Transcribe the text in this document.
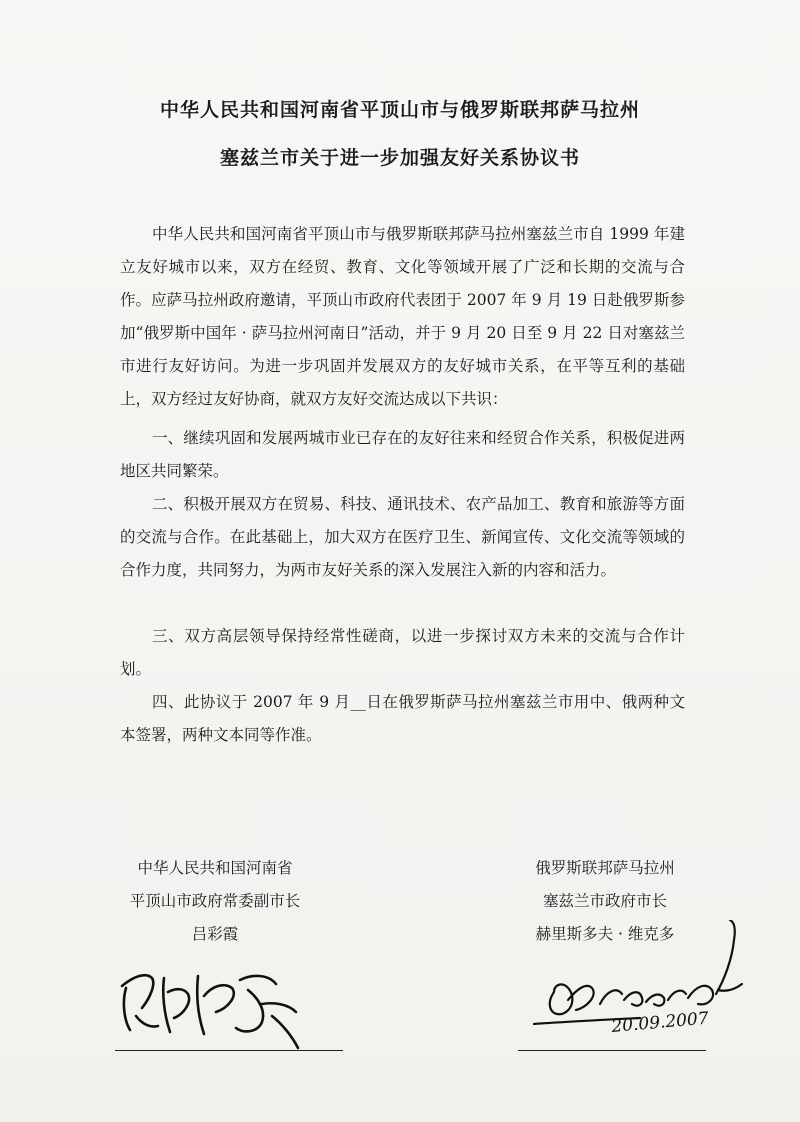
中华人民共和国河南省平顶山市与俄罗斯联邦萨马拉州
塞兹兰市关于进一步加强友好关系协议书

中华人民共和国河南省平顶山市与俄罗斯联邦萨马拉州塞兹兰市自 1999 年建立友好城市以来，双方在经贸、教育、文化等领域开展了广泛和长期的交流与合作。应萨马拉州政府邀请，平顶山市政府代表团于 2007 年 9 月 19 日赴俄罗斯参加“俄罗斯中国年 · 萨马拉州河南日”活动，并于 9 月 20 日至 9 月 22 日对塞兹兰市进行友好访问。为进一步巩固并发展双方的友好城市关系，在平等互利的基础上，双方经过友好协商，就双方友好交流达成以下共识：

一、继续巩固和发展两城市业已存在的友好往来和经贸合作关系，积极促进两地区共同繁荣。

二、积极开展双方在贸易、科技、通讯技术、农产品加工、教育和旅游等方面的交流与合作。在此基础上，加大双方在医疗卫生、新闻宣传、文化交流等领域的合作力度，共同努力，为两市友好关系的深入发展注入新的内容和活力。

三、双方高层领导保持经常性磋商，以进一步探讨双方未来的交流与合作计划。

四、此协议于 2007 年 9 月__日在俄罗斯萨马拉州塞兹兰市用中、俄两种文本签署，两种文本同等作准。

中华人民共和国河南省
平顶山市政府常委副市长
吕彩霞
俄罗斯联邦萨马拉州
塞兹兰市政府市长
赫里斯多夫 · 维克多
20.09.2007
